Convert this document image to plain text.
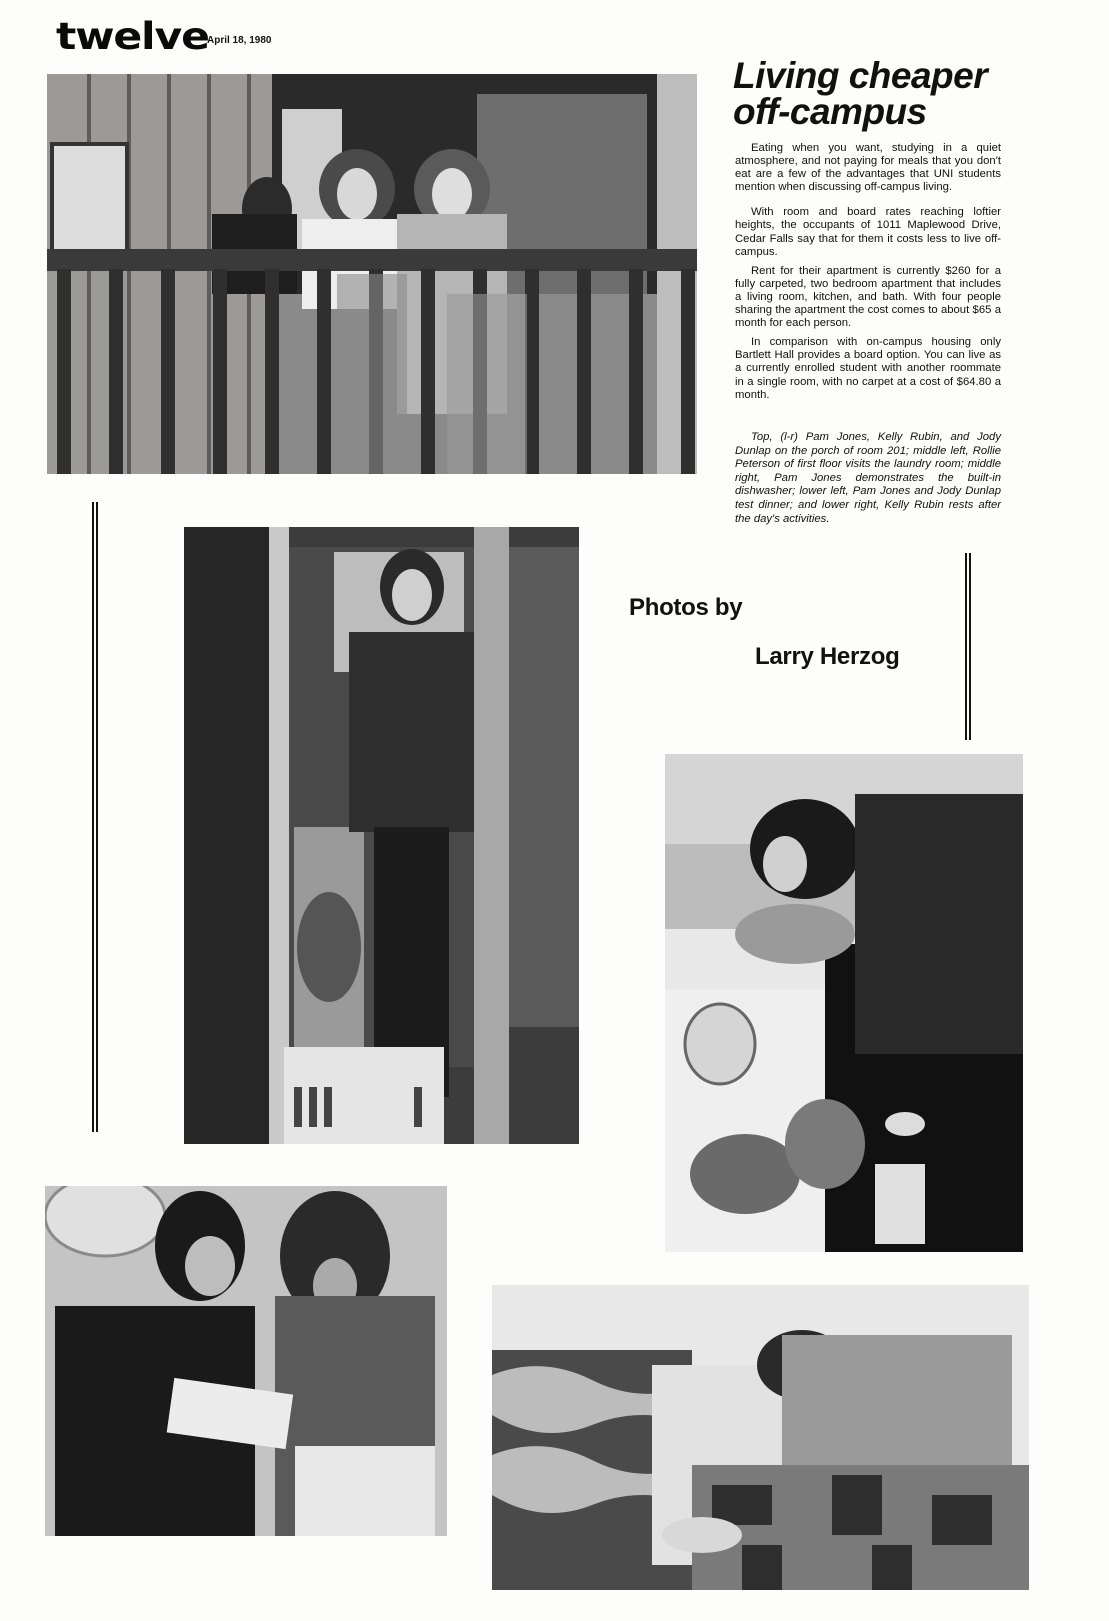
twelve
April 18, 1980
Living cheaper
off-campus

Eating when you want, studying in a quiet atmosphere, and not paying for meals that you don't eat are a few of the advantages that UNI students mention when discussing off-campus living.

With room and board rates reaching loftier heights, the occupants of 1011 Maplewood Drive, Cedar Falls say that for them it costs less to live off-campus.

Rent for their apartment is currently $260 for a fully carpeted, two bedroom apartment that includes a living room, kitchen, and bath. With four people sharing the apartment the cost comes to about $65 a month for each person.

In comparison with on-campus housing only Bartlett Hall provides a board option. You can live as a currently enrolled student with another roommate in a single room, with no carpet at a cost of $64.80 a month.

Top, (l-r) Pam Jones, Kelly Rubin, and Jody Dunlap on the porch of room 201; middle left, Rollie Peterson of first floor visits the laundry room; middle right, Pam Jones demonstrates the built-in dishwasher; lower left, Pam Jones and Jody Dunlap test dinner; and lower right, Kelly Rubin rests after the day's activities.
Photos by
Larry Herzog
